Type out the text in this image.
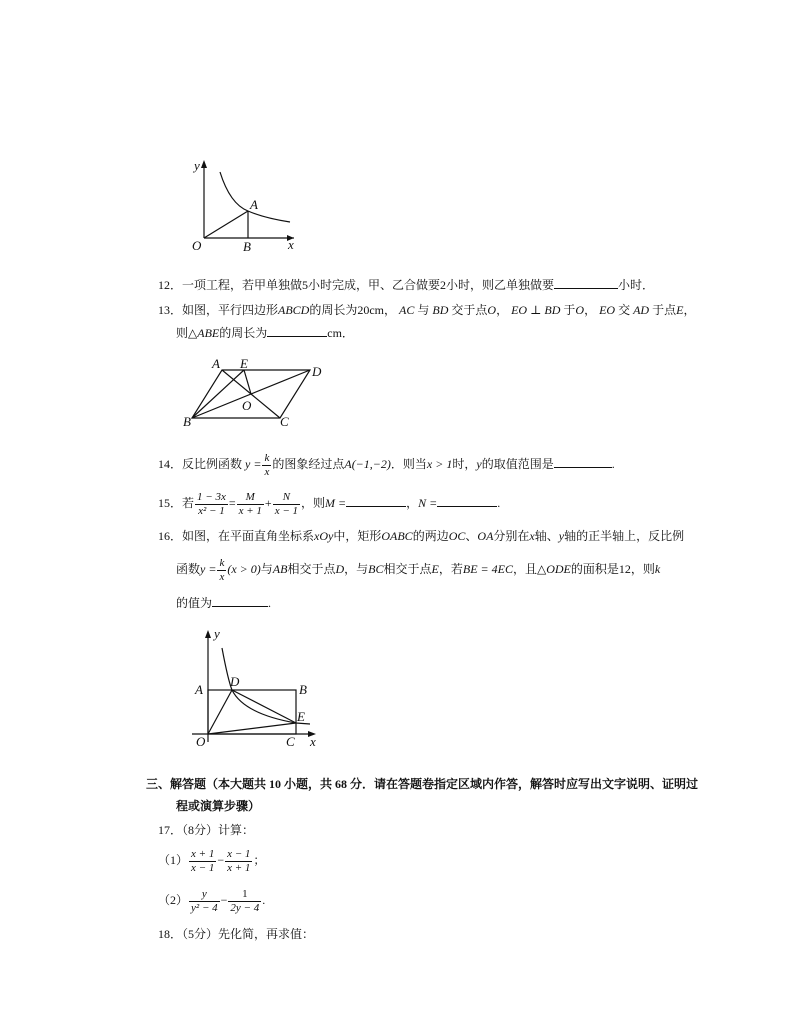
y
A
O	B	x
12．一项工程，若甲单独做5小时完成，甲、乙合做要2小时，则乙单独做要	小时．
13．如图，平行四边形ABCD的周长为20cm， AC 与 BD 交于点O， EO ⊥ BD 于O， EO 交 AD 于点E，
则△ABE的周长为	cm．
A E
D
O
B	C
14．反比例函数 $y = \frac{k}{x}$ 的图象经过点A(−1,−2)．则当x > 1时，y的取值范围是	.
15．若 $\frac{1 - 3x}{\text{x² − 1}} = \frac{M}{x + 1} + \frac{N}{x - 1}$ ，则M =	，N =	.
16．如图，在平面直角坐标系xOy中，矩形OABC的两边OC、OA分别在x轴、y轴的正半轴上，反比例
函数$y = \frac{k}{x} (x > 0)$与AB相交于点D，与BC相交于点E，若BE = 4EC，且△ODE的面积是12，则k
的值为	.
y
A
D
B
E
O	C x
三、解答题（本大题共 10 小题，共 68 分．请在答题卷指定区域内作答，解答时应写出文字说明、证明过
程或演算步骤）
17．（8分）计算：
$(1) \frac{x + 1}{x - 1} - \frac{x - 1}{x + 1}$ ；
$(2) \frac{y}{\text{y² − 4}} - \frac{1}{2y - 4}$ .
18．（5分）先化简，再求值：
